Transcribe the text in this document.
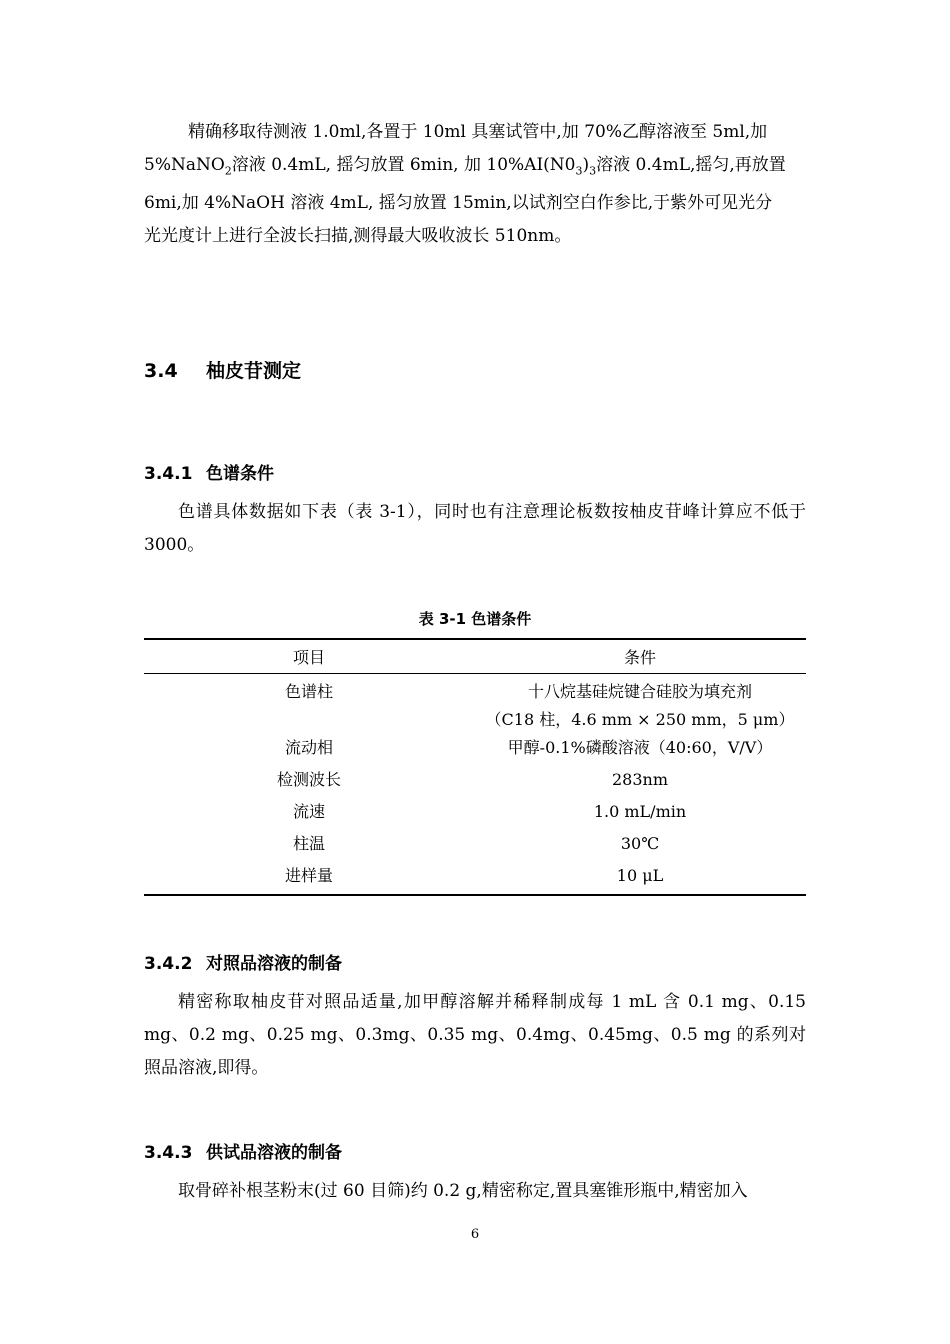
精确移取待测液 1.0ml,各置于 10ml 具塞试管中,加 70%乙醇溶液至 5ml,加
5%NaNO$_2$溶液 0.4mL, 摇匀放置 6min, 加 $10\%AI(N0_3)_3$溶液 0.4mL,摇匀,再放置
6mi,加 4%NaOH 溶液 4mL, 摇匀放置 15min,以试剂空白作参比,于紫外可见光分
光光度计上进行全波长扫描,测得最大吸收波长 510nm。
3.4 柚皮苷测定
3.4.1 色谱条件

色谱具体数据如下表（表 3-1），同时也有注意理论板数按柚皮苷峰计算应不低于 3000。

表 3-1 色谱条件
项目	条件
色谱柱	十八烷基硅烷键合硅胶为填充剂
（C18 柱，4.6 mm × 250 mm，5 μm）

流动相	甲醇-0.1%磷酸溶液（40:60，V/V）
检测波长	283nm
流速	1.0 mL/min
柱温	30℃
进样量	10 μL
3.4.2 对照品溶液的制备

精密称取柚皮苷对照品适量,加甲醇溶解并稀释制成每 1 mL 含 0.1 mg、0.15 mg、0.2 mg、0.25 mg、0.3mg、0.35 mg、0.4mg、0.45mg、0.5 mg 的系列对照品溶液,即得。

3.4.3 供试品溶液的制备

取骨碎补根茎粉末(过 60 目筛)约 0.2 g,精密称定,置具塞锥形瓶中,精密加入

6
